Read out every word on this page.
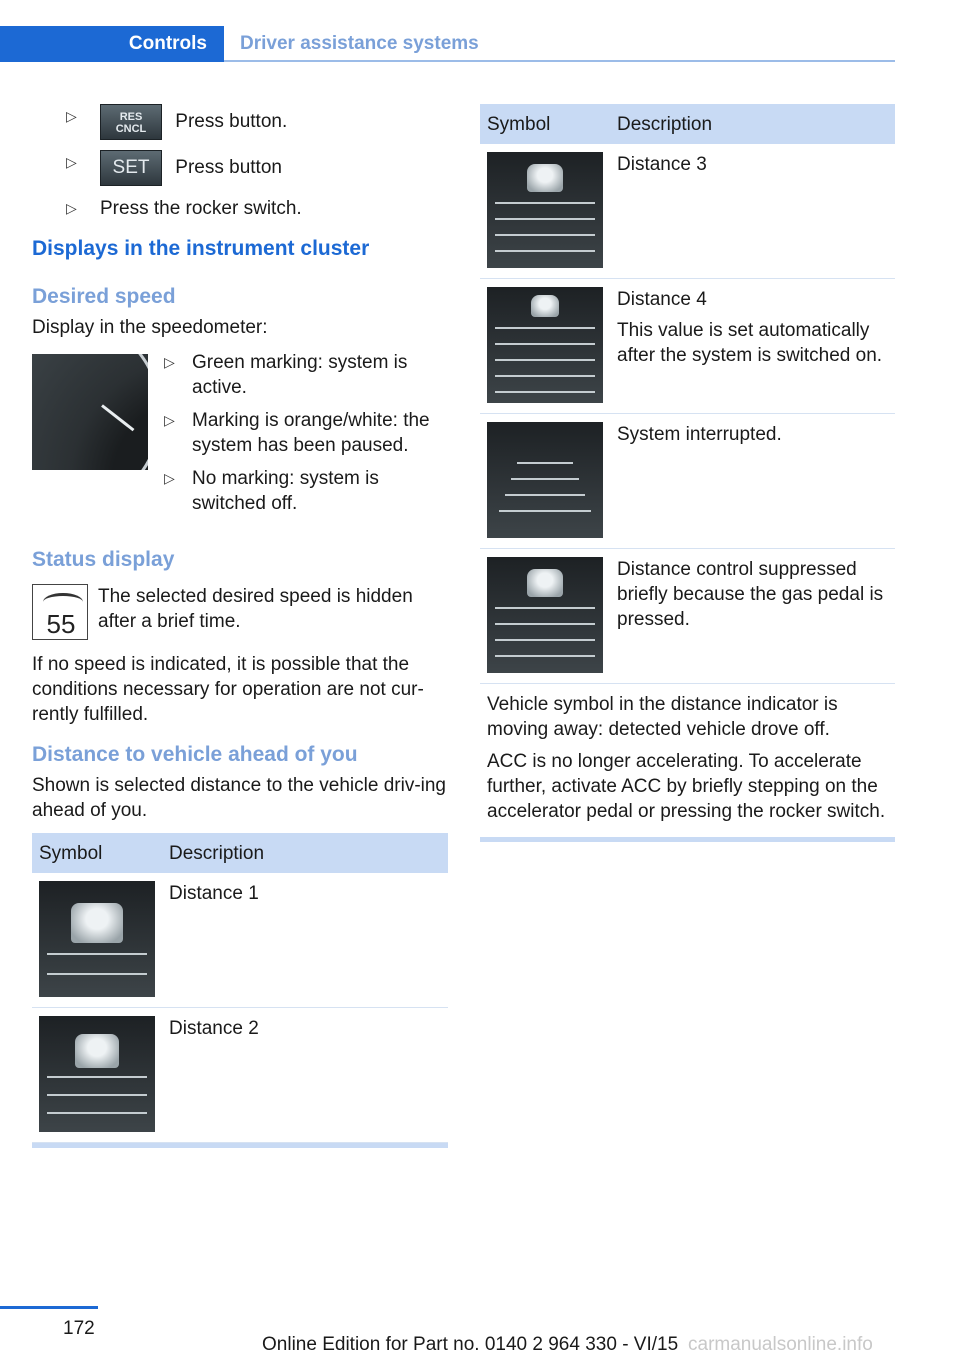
Controls	Driver assistance systems
▷	RES
CNCL Press button.
▷ SET Press button
▷ Press the rocker switch.
Displays in the instrument cluster
Desired speed

Display in the speedometer:

▷ Green marking: system is active.
▷ Marking is orange/white: the system has been paused.
▷ No marking: system is switched off.
Status display
55

The selected desired speed is hidden after a brief time.

If no speed is indicated, it is possible that the conditions necessary for operation are not cur-rently fulfilled.

Distance to vehicle ahead of you

Shown is selected distance to the vehicle driv-ing ahead of you.

Symbol	Description

	Distance 1

	Distance 2

Symbol	Description

	Distance 3

	Distance 4

This value is set automatically after the system is switched on.

	System interrupted.

	Distance control suppressed briefly because the gas pedal is pressed.

Vehicle symbol in the distance indicator is moving away: detected vehicle drove off.

ACC is no longer accelerating. To accelerate further, activate ACC by briefly stepping on the accelerator pedal or pressing the rocker switch.

172
Online Edition for Part no. 0140 2 964 330 - VI/15 carmanualsonline.info
